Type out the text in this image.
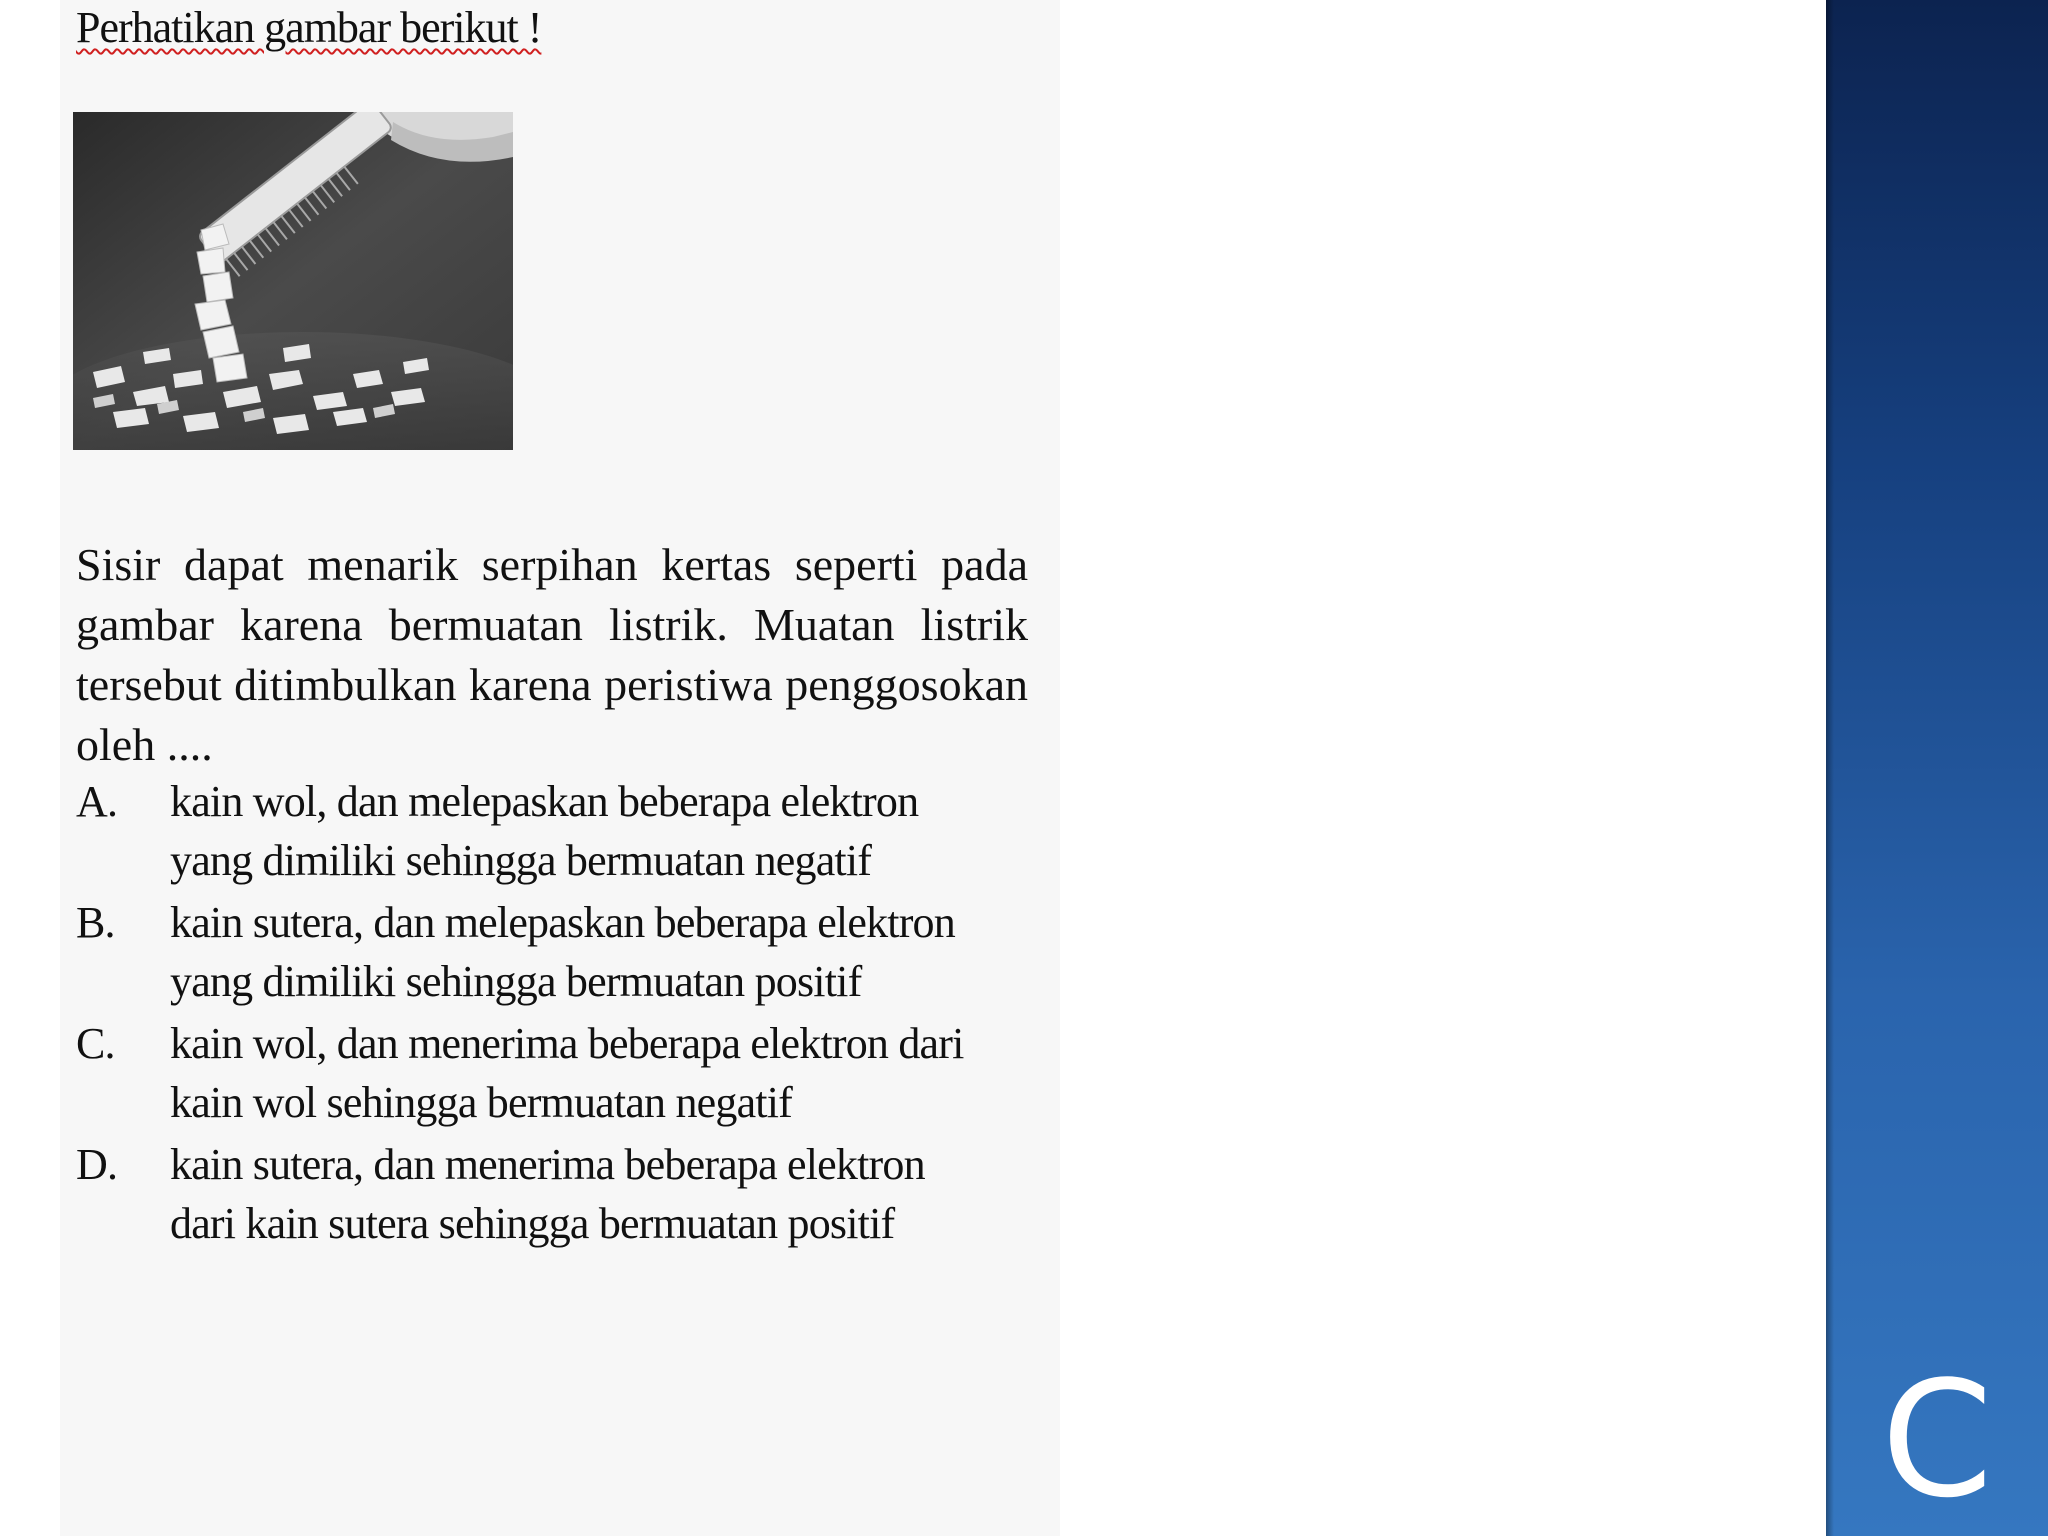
Perhatikan gambar berikut !

Sisir dapat menarik serpihan kertas seperti pada gambar karena bermuatan listrik. Muatan listrik tersebut ditimbulkan karena peristiwa penggosokan oleh ....

A.	kain wol, dan melepaskan beberapa elektron yang dimiliki sehingga bermuatan negatif
B.	kain sutera, dan melepaskan beberapa elektron yang dimiliki sehingga bermuatan positif
C.	kain wol, dan menerima beberapa elektron dari kain wol sehingga bermuatan negatif
D.	kain sutera, dan menerima beberapa elektron dari kain sutera sehingga bermuatan positif
C
